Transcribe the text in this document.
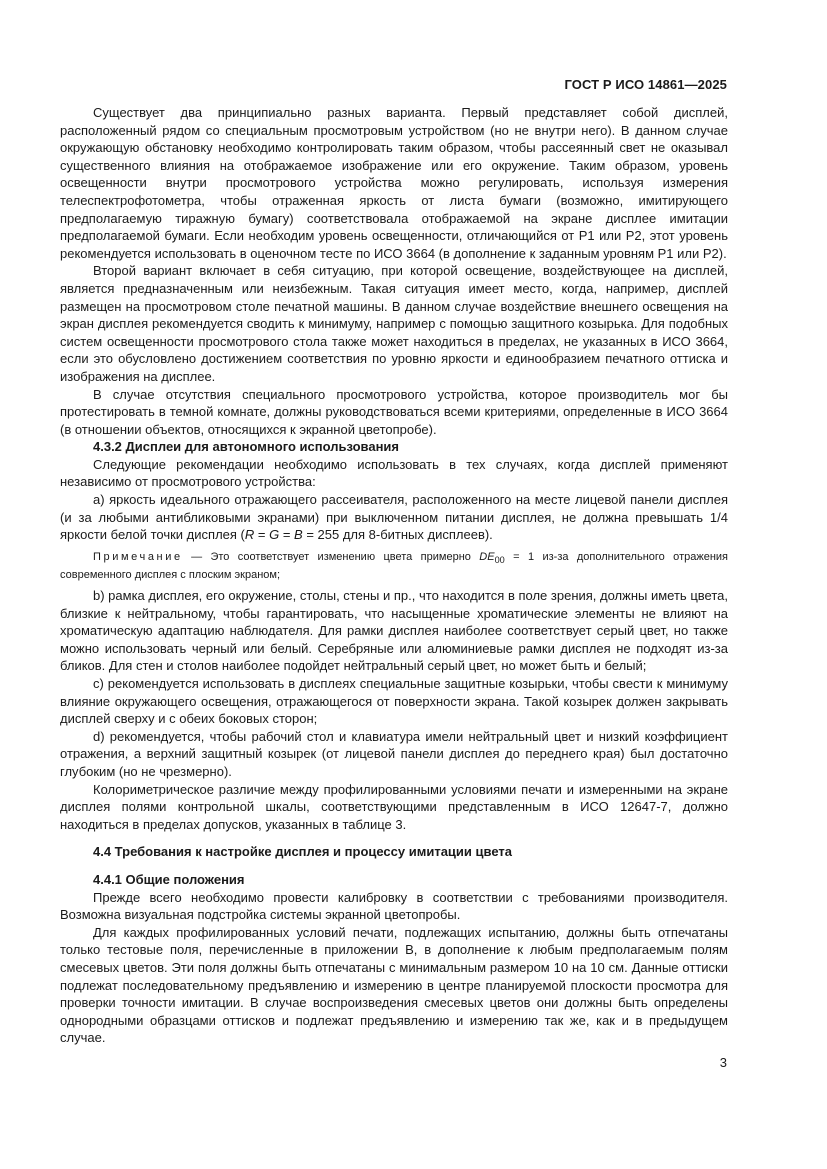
ГОСТ Р ИСО 14861—2025

Существует два принципиально разных варианта. Первый представляет собой дисплей, расположенный рядом со специальным просмотровым устройством (но не внутри него). В данном случае окружающую обстановку необходимо контролировать таким образом, чтобы рассеянный свет не оказывал существенного влияния на отображаемое изображение или его окружение. Таким образом, уровень освещенности внутри просмотрового устройства можно регулировать, используя измерения телеспектрофотометра, чтобы отраженная яркость от листа бумаги (возможно, имитирующего предполагаемую тиражную бумагу) соответствовала отображаемой на экране дисплее имитации предполагаемой бумаги. Если необходим уровень освещенности, отличающийся от P1 или P2, этот уровень рекомендуется использовать в оценочном тесте по ИСО 3664 (в дополнение к заданным уровням P1 или P2).

Второй вариант включает в себя ситуацию, при которой освещение, воздействующее на дисплей, является предназначенным или неизбежным. Такая ситуация имеет место, когда, например, дисплей размещен на просмотровом столе печатной машины. В данном случае воздействие внешнего освещения на экран дисплея рекомендуется сводить к минимуму, например с помощью защитного козырька. Для подобных систем освещенности просмотрового стола также может находиться в пределах, не указанных в ИСО 3664, если это обусловлено достижением соответствия по уровню яркости и единообразием печатного оттиска и изображения на дисплее.

В случае отсутствия специального просмотрового устройства, которое производитель мог бы протестировать в темной комнате, должны руководствоваться всеми критериями, определенные в ИСО 3664 (в отношении объектов, относящихся к экранной цветопробе).

4.3.2 Дисплеи для автономного использования

Следующие рекомендации необходимо использовать в тех случаях, когда дисплей применяют независимо от просмотрового устройства:

а) яркость идеального отражающего рассеивателя, расположенного на месте лицевой панели дисплея (и за любыми антибликовыми экранами) при выключенном питании дисплея, не должна превышать 1/4 яркости белой точки дисплея (R = G = B = 255 для 8-битных дисплеев).

Примечание — Это соответствует изменению цвета примерно $DE_{00} = 1$ из-за дополнительного отражения современного дисплея с плоским экраном;

b) рамка дисплея, его окружение, столы, стены и пр., что находится в поле зрения, должны иметь цвета, близкие к нейтральному, чтобы гарантировать, что насыщенные хроматические элементы не влияют на хроматическую адаптацию наблюдателя. Для рамки дисплея наиболее соответствует серый цвет, но также можно использовать черный или белый. Серебряные или алюминиевые рамки дисплея не подходят из-за бликов. Для стен и столов наиболее подойдет нейтральный серый цвет, но может быть и белый;

c) рекомендуется использовать в дисплеях специальные защитные козырьки, чтобы свести к минимуму влияние окружающего освещения, отражающегося от поверхности экрана. Такой козырек должен закрывать дисплей сверху и с обеих боковых сторон;

d) рекомендуется, чтобы рабочий стол и клавиатура имели нейтральный цвет и низкий коэффициент отражения, а верхний защитный козырек (от лицевой панели дисплея до переднего края) был достаточно глубоким (но не чрезмерно).

Колориметрическое различие между профилированными условиями печати и измеренными на экране дисплея полями контрольной шкалы, соответствующими представленным в ИСО 12647-7, должно находиться в пределах допусков, указанных в таблице 3.

4.4 Требования к настройке дисплея и процессу имитации цвета
4.4.1 Общие положения

Прежде всего необходимо провести калибровку в соответствии с требованиями производителя. Возможна визуальная подстройка системы экранной цветопробы.

Для каждых профилированных условий печати, подлежащих испытанию, должны быть отпечатаны только тестовые поля, перечисленные в приложении В, в дополнение к любым предполагаемым полям смесевых цветов. Эти поля должны быть отпечатаны с минимальным размером 10 на 10 см. Данные оттиски подлежат последовательному предъявлению и измерению в центре планируемой плоскости просмотра для проверки точности имитации. В случае воспроизведения смесевых цветов они должны быть определены однородными образцами оттисков и подлежат предъявлению и измерению так же, как и в предыдущем случае.

3
